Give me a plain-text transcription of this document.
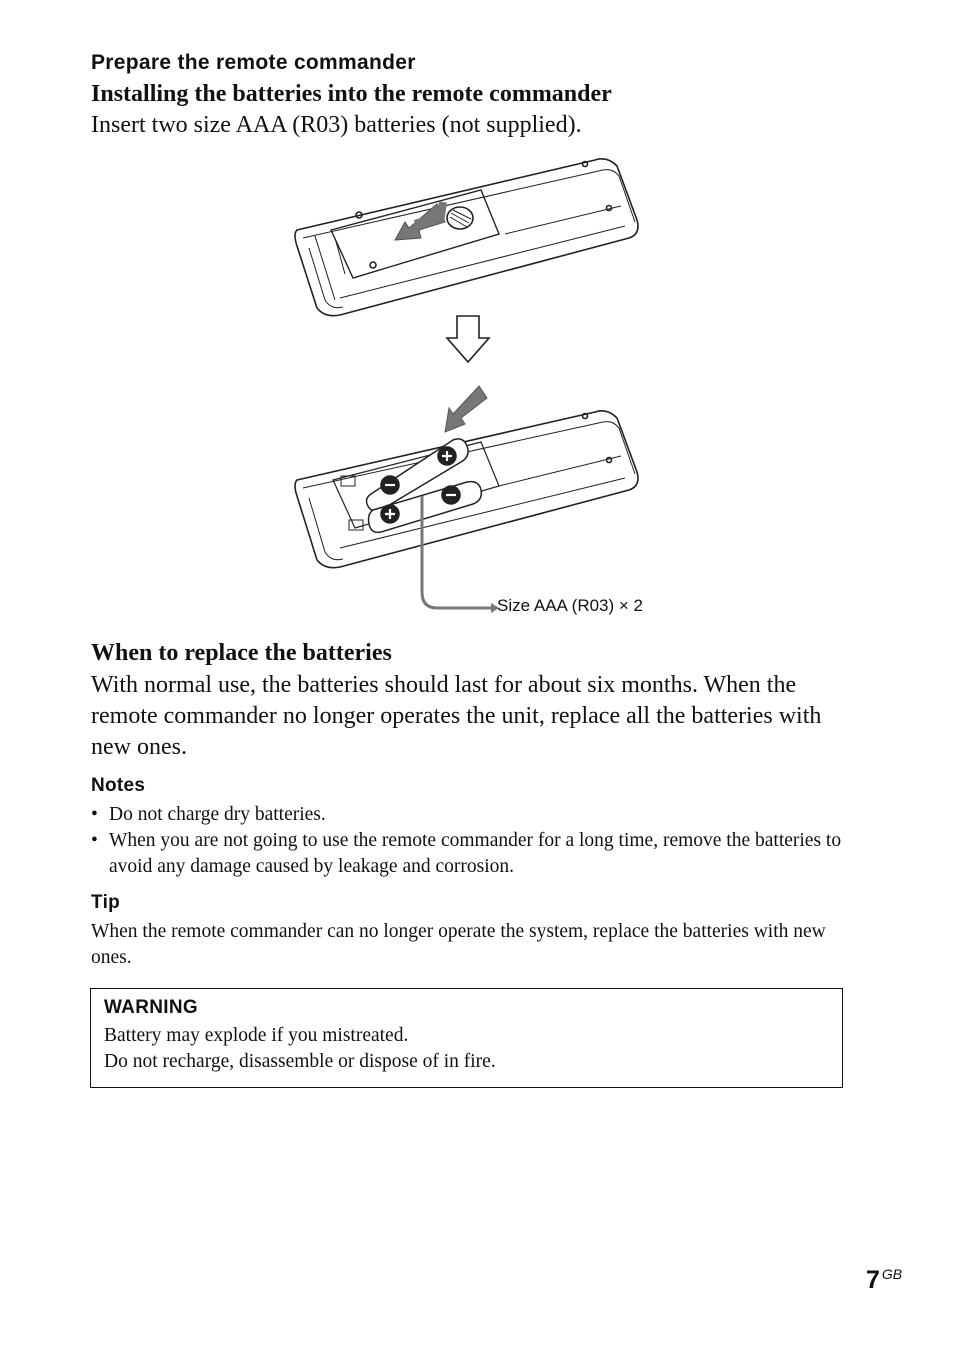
Prepare the remote commander
Installing the batteries into the remote commander
Insert two size AAA (R03) batteries (not supplied).
Size AAA (R03) × 2
When to replace the batteries
With normal use, the batteries should last for about six months. When the remote commander no longer operates the unit, replace all the batteries with new ones.
Notes
• Do not charge dry batteries.
• When you are not going to use the remote commander for a long time, remove the batteries to avoid any damage caused by leakage and corrosion.
Tip
When the remote commander can no longer operate the system, replace the batteries with new ones.
WARNING
Battery may explode if you mistreated.
Do not recharge, disassemble or dispose of in fire.
7 $^{GB}$
